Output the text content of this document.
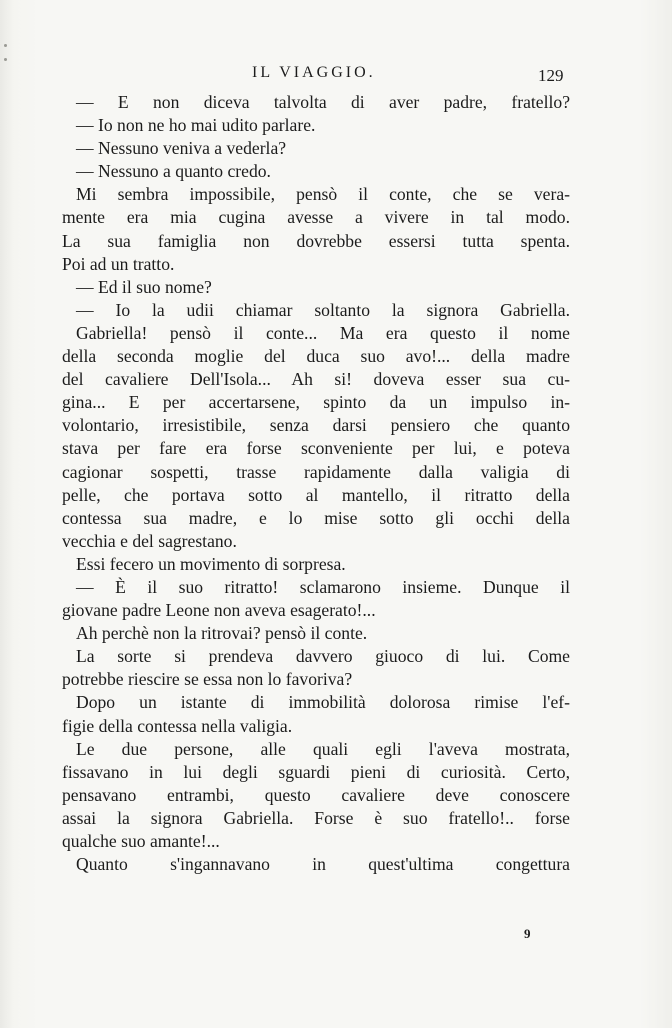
IL VIAGGIO.	129
— E non diceva talvolta di aver padre, fratello?
— Io non ne ho mai udito parlare.
— Nessuno veniva a vederla?
— Nessuno a quanto credo.
Mi sembra impossibile, pensò il conte, che se vera-
mente era mia cugina avesse a vivere in tal modo.
La sua famiglia non dovrebbe essersi tutta spenta.
Poi ad un tratto.
— Ed il suo nome?
— Io la udii chiamar soltanto la signora Gabriella.
Gabriella! pensò il conte... Ma era questo il nome
della seconda moglie del duca suo avo!... della madre
del cavaliere Dell'Isola... Ah si! doveva esser sua cu-
gina... E per accertarsene, spinto da un impulso in-
volontario, irresistibile, senza darsi pensiero che quanto
stava per fare era forse sconveniente per lui, e poteva
cagionar sospetti, trasse rapidamente dalla valigia di
pelle, che portava sotto al mantello, il ritratto della
contessa sua madre, e lo mise sotto gli occhi della
vecchia e del sagrestano.
Essi fecero un movimento di sorpresa.
— È il suo ritratto! sclamarono insieme. Dunque il
giovane padre Leone non aveva esagerato!...
Ah perchè non la ritrovai? pensò il conte.
La sorte si prendeva davvero giuoco di lui. Come
potrebbe riescire se essa non lo favoriva?
Dopo un istante di immobilità dolorosa rimise l'ef-
figie della contessa nella valigia.
Le due persone, alle quali egli l'aveva mostrata,
fissavano in lui degli sguardi pieni di curiosità. Certo,
pensavano entrambi, questo cavaliere deve conoscere
assai la signora Gabriella. Forse è suo fratello!.. forse
qualche suo amante!...
Quanto s'ingannavano in quest'ultima congettura
9
